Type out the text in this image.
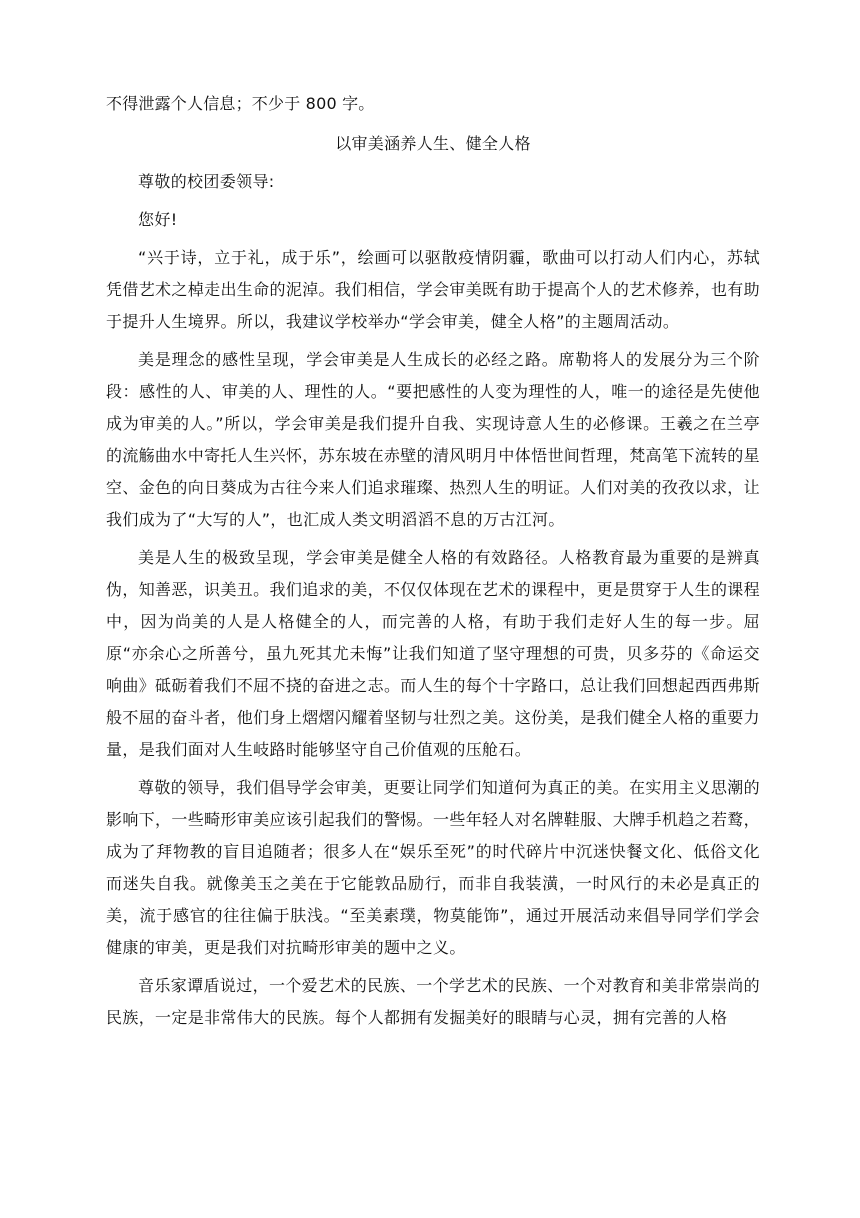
不得泄露个人信息；不少于 800 字。

以审美涵养人生、健全人格

尊敬的校团委领导:

您好!

“兴于诗，立于礼，成于乐”，绘画可以驱散疫情阴霾，歌曲可以打动人们内心，苏轼凭借艺术之棹走出生命的泥淖。我们相信，学会审美既有助于提高个人的艺术修养，也有助于提升人生境界。所以，我建议学校举办“学会审美，健全人格”的主题周活动。

美是理念的感性呈现，学会审美是人生成长的必经之路。席勒将人的发展分为三个阶段：感性的人、审美的人、理性的人。“要把感性的人变为理性的人，唯一的途径是先使他成为审美的人。”所以，学会审美是我们提升自我、实现诗意人生的必修课。王羲之在兰亭的流觞曲水中寄托人生兴怀，苏东坡在赤壁的清风明月中体悟世间哲理，梵高笔下流转的星空、金色的向日葵成为古往今来人们追求璀璨、热烈人生的明证。人们对美的孜孜以求，让我们成为了“大写的人”，也汇成人类文明滔滔不息的万古江河。

美是人生的极致呈现，学会审美是健全人格的有效路径。人格教育最为重要的是辨真伪，知善恶，识美丑。我们追求的美，不仅仅体现在艺术的课程中，更是贯穿于人生的课程中，因为尚美的人是人格健全的人，而完善的人格，有助于我们走好人生的每一步。屈原“亦余心之所善兮，虽九死其尤未悔”让我们知道了坚守理想的可贵，贝多芬的《命运交响曲》砥砺着我们不屈不挠的奋进之志。而人生的每个十字路口，总让我们回想起西西弗斯般不屈的奋斗者，他们身上熠熠闪耀着坚韧与壮烈之美。这份美，是我们健全人格的重要力量，是我们面对人生岐路时能够坚守自己价值观的压舱石。

尊敬的领导，我们倡导学会审美，更要让同学们知道何为真正的美。在实用主义思潮的影响下，一些畸形审美应该引起我们的警惕。一些年轻人对名牌鞋服、大牌手机趋之若鹜，成为了拜物教的盲目追随者；很多人在“娱乐至死”的时代碎片中沉迷快餐文化、低俗文化而迷失自我。就像美玉之美在于它能敦品励行，而非自我装潢，一时风行的未必是真正的美，流于感官的往往偏于肤浅。“至美素璞，物莫能饰”，通过开展活动来倡导同学们学会健康的审美，更是我们对抗畸形审美的题中之义。

音乐家谭盾说过，一个爱艺术的民族、一个学艺术的民族、一个对教育和美非常崇尚的民族，一定是非常伟大的民族。每个人都拥有发掘美好的眼睛与心灵，拥有完善的人格
